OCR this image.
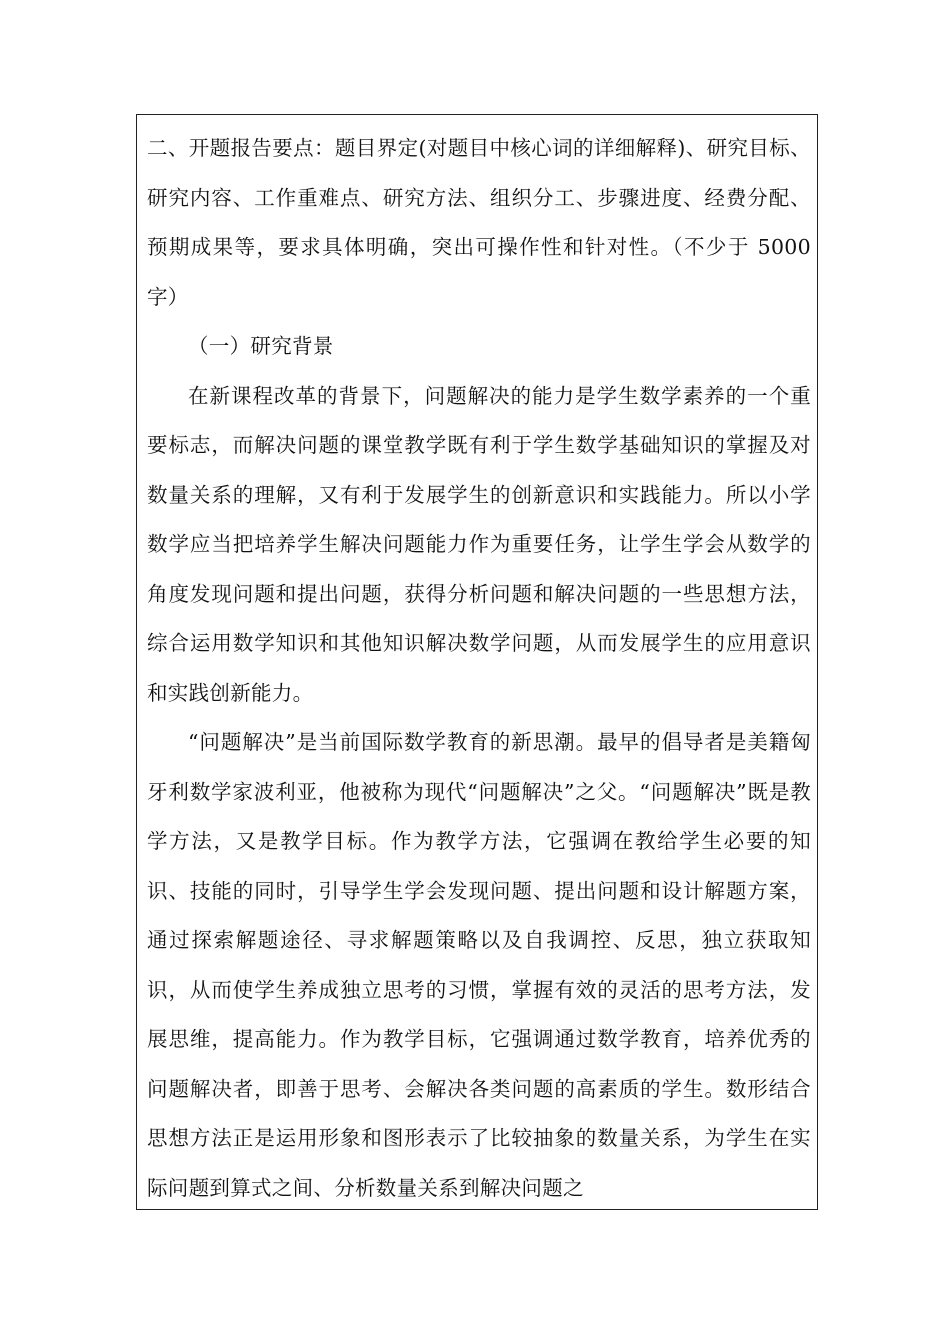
二、开题报告要点：题目界定(对题目中核心词的详细解释)、研究目标、研究内容、工作重难点、研究方法、组织分工、步骤进度、经费分配、预期成果等，要求具体明确，突出可操作性和针对性。（不少于 5000 字）

（一）研究背景

在新课程改革的背景下，问题解决的能力是学生数学素养的一个重要标志，而解决问题的课堂教学既有利于学生数学基础知识的掌握及对数量关系的理解，又有利于发展学生的创新意识和实践能力。所以小学数学应当把培养学生解决问题能力作为重要任务，让学生学会从数学的角度发现问题和提出问题，获得分析问题和解决问题的一些思想方法，综合运用数学知识和其他知识解决数学问题，从而发展学生的应用意识和实践创新能力。

“问题解决”是当前国际数学教育的新思潮。最早的倡导者是美籍匈牙利数学家波利亚，他被称为现代“问题解决”之父。“问题解决”既是教学方法，又是教学目标。作为教学方法，它强调在教给学生必要的知识、技能的同时，引导学生学会发现问题、提出问题和设计解题方案，通过探索解题途径、寻求解题策略以及自我调控、反思，独立获取知识，从而使学生养成独立思考的习惯，掌握有效的灵活的思考方法，发展思维，提高能力。作为教学目标，它强调通过数学教育，培养优秀的问题解决者，即善于思考、会解决各类问题的高素质的学生。数形结合思想方法正是运用形象和图形表示了比较抽象的数量关系，为学生在实际问题到算式之间、分析数量关系到解决问题之
